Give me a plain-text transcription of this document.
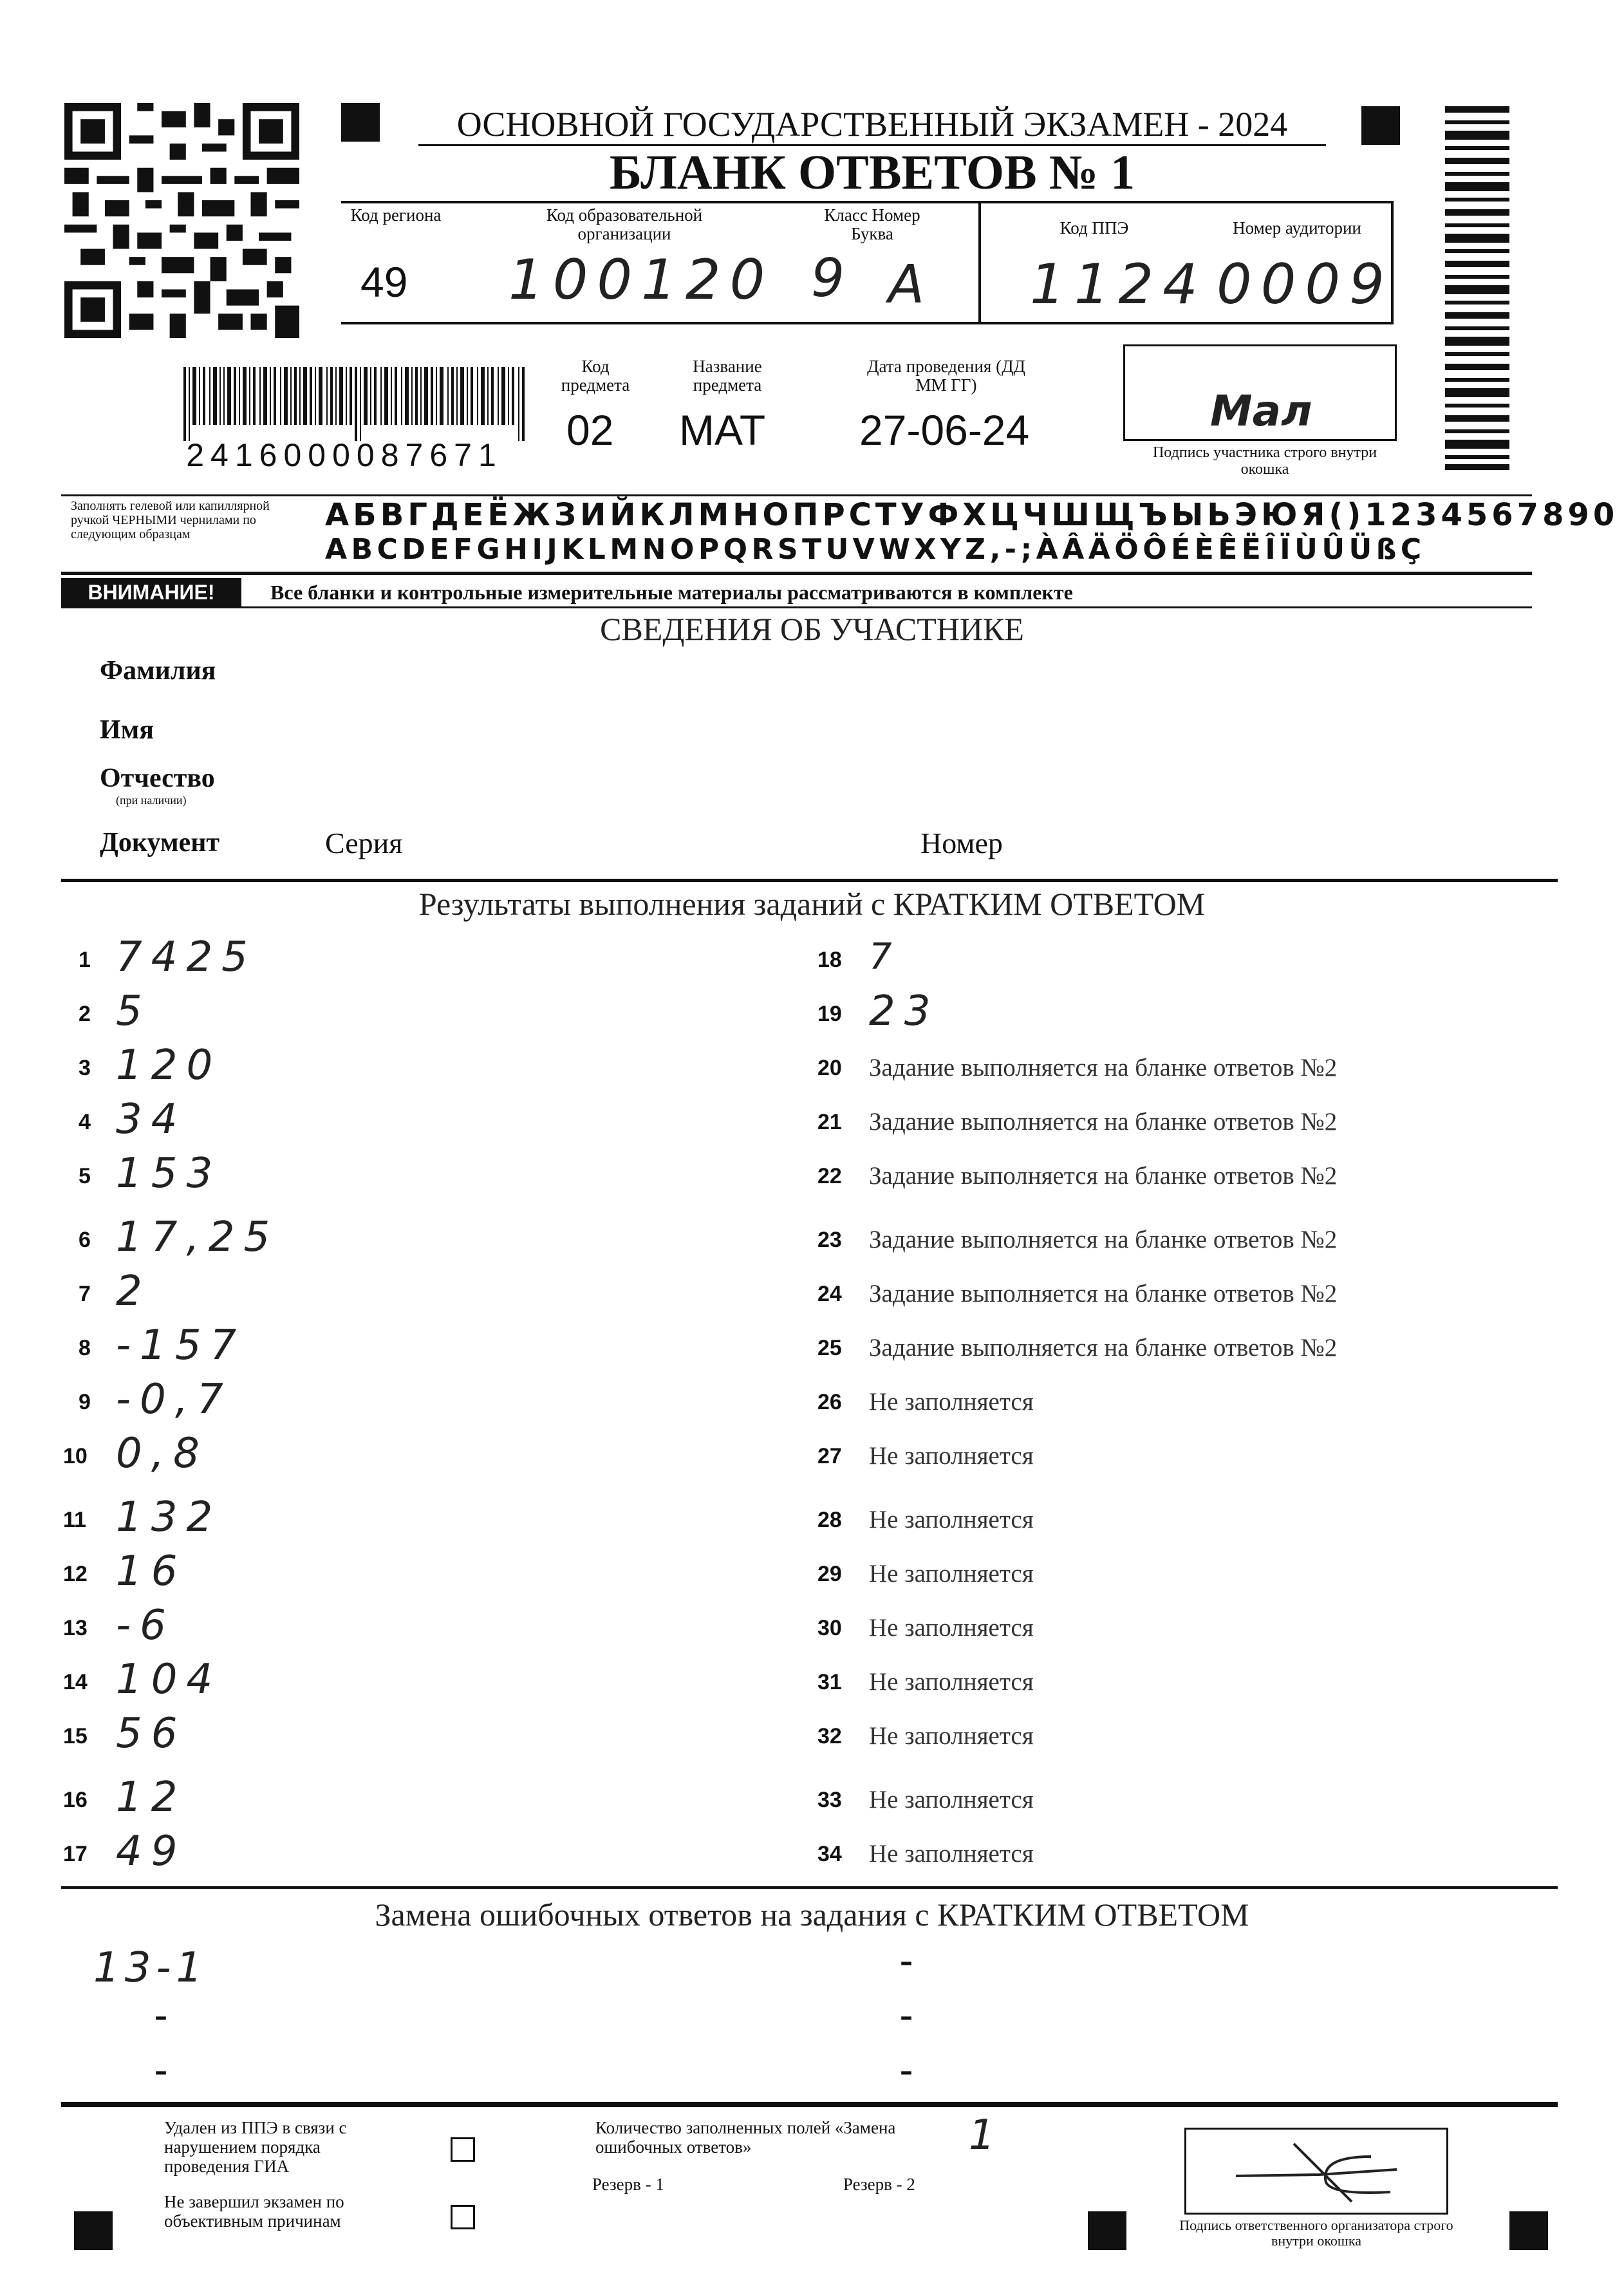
ОСНОВНОЙ ГОСУДАРСТВЕННЫЙ ЭКЗАМЕН - 2024
БЛАНК ОТВЕТОВ № 1
Код региона
49
Код образовательной организации
100120
Класс Номер Буква
9 А
Код ППЭ
1124
Номер аудитории
0009
2416000087671
Код предмета
02
Название предмета
МАТ
Дата проведения (ДД ММ ГГ)
27-06-24	Мал
Подпись участника строго внутри окошка
Заполнять гелевой или капиллярной ручкой ЧЕРНЫМИ чернилами по следующим образцам
АБВГДЕЁЖЗИЙКЛМНОПРСТУФХЦЧШЩЪЫЬЭЮЯ()1234567890
ABCDEFGHIJKLMNOPQRSTUVWXYZ,-;ÀÂÄÖÔÉÈÊËÎÏÙÛÜßÇ
ВНИМАНИЕ!	Все бланки и контрольные измерительные материалы рассматриваются в комплекте
СВЕДЕНИЯ ОБ УЧАСТНИКЕ
Фамилия
Имя
Отчество
(при наличии)
Документ	Серия	Номер
Результаты выполнения заданий с КРАТКИМ ОТВЕТОМ
1 7425
2 5
3 120
4 34
5 153
6 17,25
7 2
8 -157
9 -0,7
10 0,8
11 132
12 16
13 -6
14 104
15 56
16 12
17 49
18 7
19 23
20 Задание выполняется на бланке ответов №2
21 Задание выполняется на бланке ответов №2
22 Задание выполняется на бланке ответов №2
23 Задание выполняется на бланке ответов №2
24 Задание выполняется на бланке ответов №2
25 Задание выполняется на бланке ответов №2
26 Не заполняется
27 Не заполняется
28 Не заполняется
29 Не заполняется
30 Не заполняется
31 Не заполняется
32 Не заполняется
33 Не заполняется
34 Не заполняется
Замена ошибочных ответов на задания с КРАТКИМ ОТВЕТОМ
13-1	-
-	-
-	-
Удален из ППЭ в связи с нарушением порядка проведения ГИА
Не завершил экзамен по объективным причинам
Количество заполненных полей «Замена ошибочных ответов»	1
Резерв - 1	Резерв - 2
Подпись ответственного организатора строго внутри окошка
